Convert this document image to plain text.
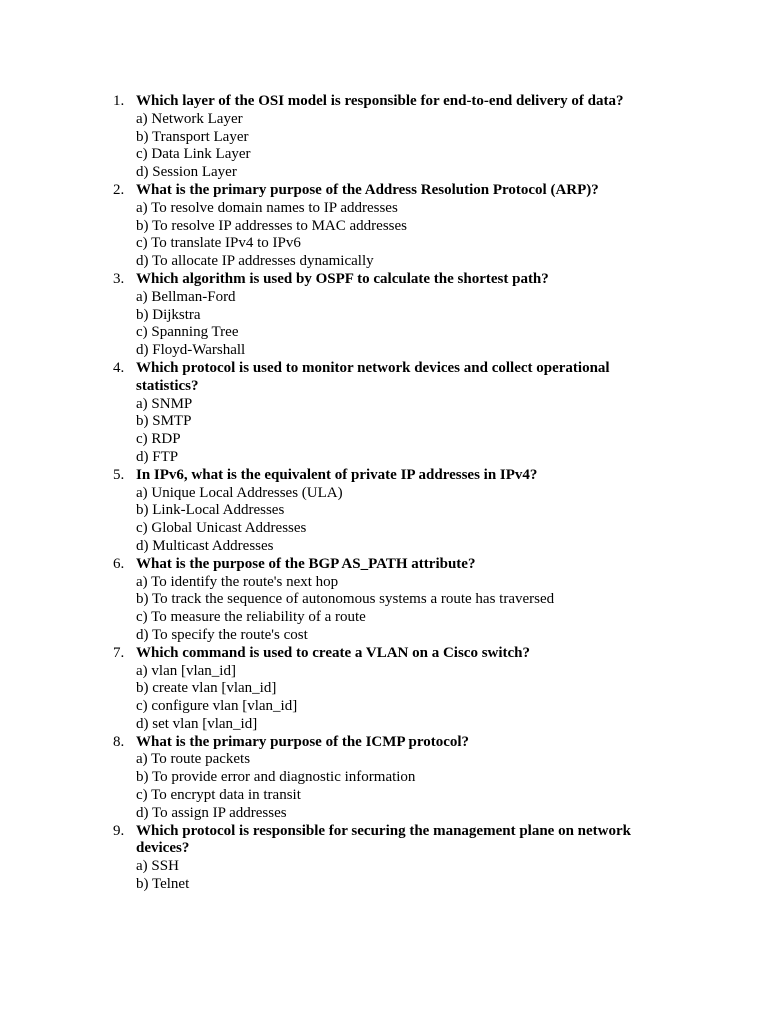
1. Which layer of the OSI model is responsible for end-to-end delivery of data?
a) Network Layer
b) Transport Layer
c) Data Link Layer
d) Session Layer
2. What is the primary purpose of the Address Resolution Protocol (ARP)?
a) To resolve domain names to IP addresses
b) To resolve IP addresses to MAC addresses
c) To translate IPv4 to IPv6
d) To allocate IP addresses dynamically
3. Which algorithm is used by OSPF to calculate the shortest path?
a) Bellman-Ford
b) Dijkstra
c) Spanning Tree
d) Floyd-Warshall
4. Which protocol is used to monitor network devices and collect operational statistics?
a) SNMP
b) SMTP
c) RDP
d) FTP
5. In IPv6, what is the equivalent of private IP addresses in IPv4?
a) Unique Local Addresses (ULA)
b) Link-Local Addresses
c) Global Unicast Addresses
d) Multicast Addresses
6. What is the purpose of the BGP AS_PATH attribute?
a) To identify the route's next hop
b) To track the sequence of autonomous systems a route has traversed
c) To measure the reliability of a route
d) To specify the route's cost
7. Which command is used to create a VLAN on a Cisco switch?
a) vlan [vlan_id]
b) create vlan [vlan_id]
c) configure vlan [vlan_id]
d) set vlan [vlan_id]
8. What is the primary purpose of the ICMP protocol?
a) To route packets
b) To provide error and diagnostic information
c) To encrypt data in transit
d) To assign IP addresses
9. Which protocol is responsible for securing the management plane on network devices?
a) SSH
b) Telnet
